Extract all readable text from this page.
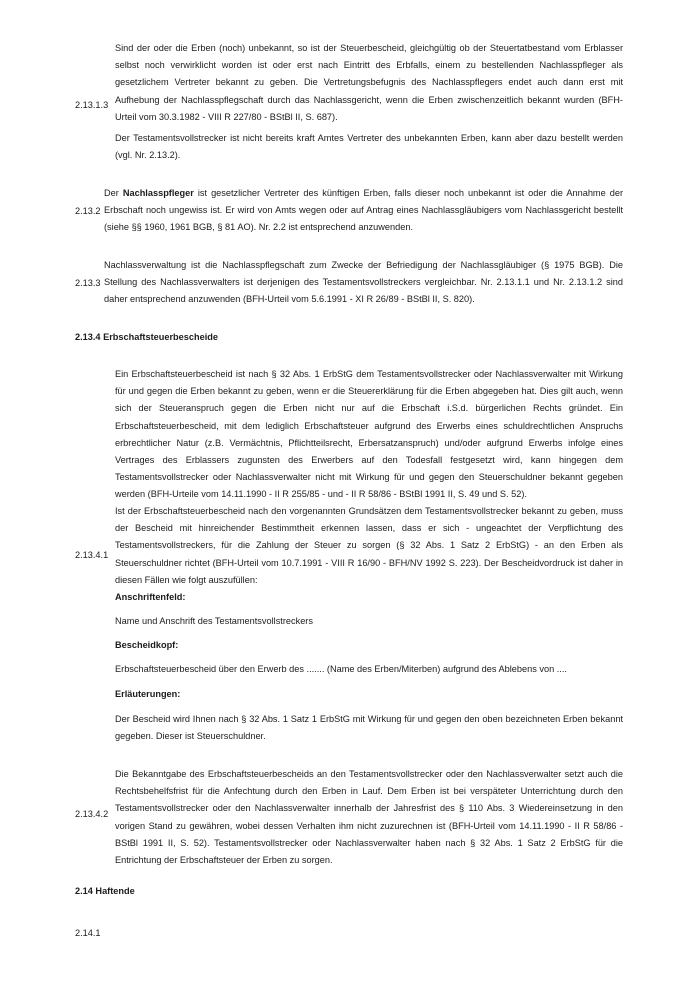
2.13.1.3

Sind der oder die Erben (noch) unbekannt, so ist der Steuerbescheid, gleichgültig ob der Steuertatbestand vom Erblasser selbst noch verwirklicht worden ist oder erst nach Eintritt des Erbfalls, einem zu bestellenden Nachlasspfleger als gesetzlichem Vertreter bekannt zu geben. Die Vertretungsbefugnis des Nachlasspflegers endet auch dann erst mit Aufhebung der Nachlasspflegschaft durch das Nachlassgericht, wenn die Erben zwischenzeitlich bekannt wurden (BFH-Urteil vom 30.3.1982 - VIII R 227/80 - BStBl II, S. 687).

Der Testamentsvollstrecker ist nicht bereits kraft Amtes Vertreter des unbekannten Erben, kann aber dazu bestellt werden (vgl. Nr. 2.13.2).

2.13.2

Der Nachlasspfleger ist gesetzlicher Vertreter des künftigen Erben, falls dieser noch unbekannt ist oder die Annahme der Erbschaft noch ungewiss ist. Er wird von Amts wegen oder auf Antrag eines Nachlassgläubigers vom Nachlassgericht bestellt (siehe §§ 1960, 1961 BGB, § 81 AO). Nr. 2.2 ist entsprechend anzuwenden.

2.13.3

Nachlassverwaltung ist die Nachlasspflegschaft zum Zwecke der Befriedigung der Nachlassgläubiger (§ 1975 BGB). Die Stellung des Nachlassverwalters ist derjenigen des Testamentsvollstreckers vergleichbar. Nr. 2.13.1.1 und Nr. 2.13.1.2 sind daher entsprechend anzuwenden (BFH-Urteil vom 5.6.1991 - XI R 26/89 - BStBl II, S. 820).

2.13.4 Erbschaftsteuerbescheide
2.13.4.1

Ein Erbschaftsteuerbescheid ist nach § 32 Abs. 1 ErbStG dem Testamentsvollstrecker oder Nachlassverwalter mit Wirkung für und gegen die Erben bekannt zu geben, wenn er die Steuererklärung für die Erben abgegeben hat. Dies gilt auch, wenn sich der Steueranspruch gegen die Erben nicht nur auf die Erbschaft i.S.d. bürgerlichen Rechts gründet. Ein Erbschaftsteuerbescheid, mit dem lediglich Erbschaftsteuer aufgrund des Erwerbs eines schuldrechtlichen Anspruchs erbrechtlicher Natur (z.B. Vermächtnis, Pflichtteilsrecht, Erbersatzanspruch) und/oder aufgrund Erwerbs infolge eines Vertrages des Erblassers zugunsten des Erwerbers auf den Todesfall festgesetzt wird, kann hingegen dem Testamentsvollstrecker oder Nachlassverwalter nicht mit Wirkung für und gegen den Steuerschuldner bekannt gegeben werden (BFH-Urteile vom 14.11.1990 - II R 255/85 - und - II R 58/86 - BStBl 1991 II, S. 49 und S. 52).

Ist der Erbschaftsteuerbescheid nach den vorgenannten Grundsätzen dem Testamentsvollstrecker bekannt zu geben, muss der Bescheid mit hinreichender Bestimmtheit erkennen lassen, dass er sich - ungeachtet der Verpflichtung des Testamentsvollstreckers, für die Zahlung der Steuer zu sorgen (§ 32 Abs. 1 Satz 2 ErbStG) - an den Erben als Steuerschuldner richtet (BFH-Urteil vom 10.7.1991 - VIII R 16/90 - BFH/NV 1992 S. 223). Der Bescheidvordruck ist daher in diesen Fällen wie folgt auszufüllen:

Anschriftenfeld:
Name und Anschrift des Testamentsvollstreckers
Bescheidkopf:
Erbschaftsteuerbescheid über den Erwerb des ....... (Name des Erben/Miterben) aufgrund des Ablebens von ....
Erläuterungen:
Der Bescheid wird Ihnen nach § 32 Abs. 1 Satz 1 ErbStG mit Wirkung für und gegen den oben bezeichneten Erben bekannt gegeben. Dieser ist Steuerschuldner.
2.13.4.2

Die Bekanntgabe des Erbschaftsteuerbescheids an den Testamentsvollstrecker oder den Nachlassverwalter setzt auch die Rechtsbehelfsfrist für die Anfechtung durch den Erben in Lauf. Dem Erben ist bei verspäteter Unterrichtung durch den Testamentsvollstrecker oder den Nachlassverwalter innerhalb der Jahresfrist des § 110 Abs. 3 Wiedereinsetzung in den vorigen Stand zu gewähren, wobei dessen Verhalten ihm nicht zuzurechnen ist (BFH-Urteil vom 14.11.1990 - II R 58/86 - BStBl 1991 II, S. 52). Testamentsvollstrecker oder Nachlassverwalter haben nach § 32 Abs. 1 Satz 2 ErbStG für die Entrichtung der Erbschaftsteuer der Erben zu sorgen.

2.14 Haftende
2.14.1
